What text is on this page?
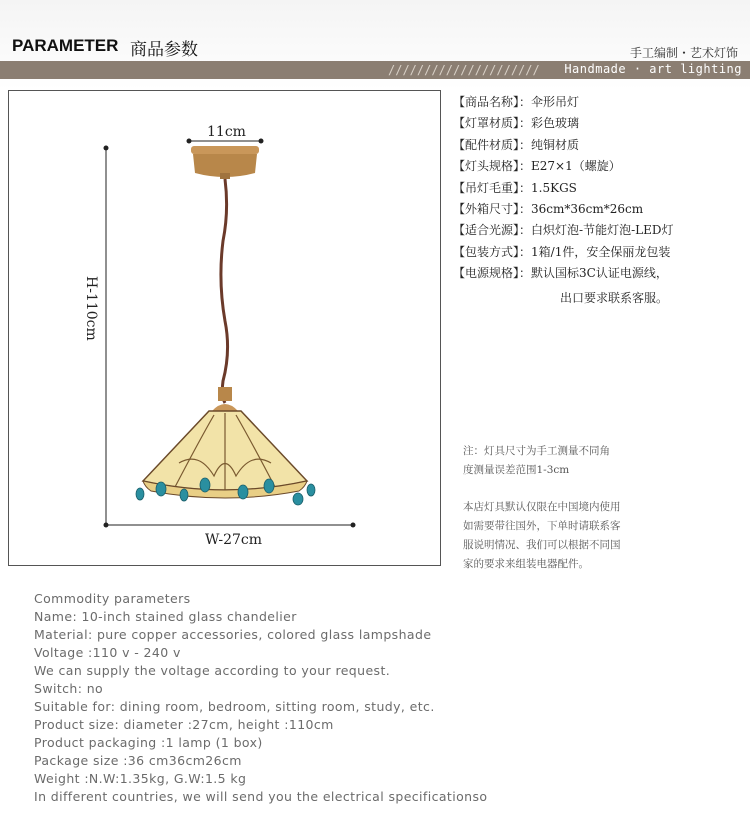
PARAMETER 商品参数	手工编制・艺术灯饰
/////////////////////	Handmade · art lighting
11cm
H-110cm
W-27cm
【商品名称】：伞形吊灯
【灯罩材质】：彩色玻璃
【配件材质】：纯铜材质
【灯头规格】：E27×1（螺旋）
【吊灯毛重】：1.5KGS
【外箱尺寸】：36cm*36cm*26cm
【适合光源】：白炽灯泡-节能灯泡-LED灯
【包装方式】：1箱/1件，安全保丽龙包装
【电源规格】：默认国标3C认证电源线，
出口要求联系客服。
注：灯具尺寸为手工测量不同角
度测量误差范围1-3cm
本店灯具默认仅限在中国境内使用
如需要带往国外，下单时请联系客
服说明情况、我们可以根据不同国
家的要求来组装电器配件。
Commodity parameters
Name: 10-inch stained glass chandelier
Material: pure copper accessories, colored glass lampshade
Voltage :110 v - 240 v
We can supply the voltage according to your request.
Switch: no
Suitable for: dining room, bedroom, sitting room, study, etc.
Product size: diameter :27cm, height :110cm
Product packaging :1 lamp (1 box)
Package size :36 cm36cm26cm
Weight :N.W:1.35kg, G.W:1.5 kg
In different countries, we will send you the electrical specificationso
